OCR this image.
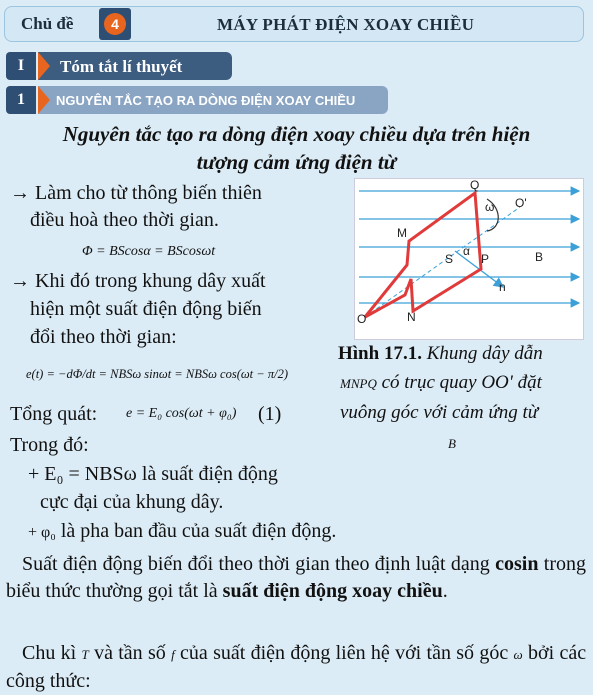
Chủ đề	4	MÁY PHÁT ĐIỆN XOAY CHIỀU
I	Tóm tắt lí thuyết
1	NGUYÊN TẮC TẠO RA DÒNG ĐIỆN XOAY CHIỀU
Nguyên tắc tạo ra dòng điện xoay chiều dựa trên hiện
tượng cảm ứng điện từ
→ Làm cho từ thông biến thiên
điều hoà theo thời gian.
Φ = BScosα = BScosωt
→ Khi đó trong khung dây xuất
hiện một suất điện động biến
đổi theo thời gian:
e(t) = −dΦ/dt = NBSω sinωt = NBSω cos(ωt − π/2)
Tổng quát: e = E₀ cos(ωt + φ₀) (1)
Trong đó:
+ E₀ = NBSω là suất điện động
cực đại của khung dây.
+ φ₀ là pha ban đầu của suất điện động.
Q
ω O'
M
S
α
P	B
n
O	N
Hình 17.1. Khung dây dẫn
MNPQ có trục quay OO' đặt
vuông góc với cảm ứng từ
B
Suất điện động biến đổi theo thời gian theo định luật dạng cosin trong biểu thức thường gọi tắt là suất điện động xoay chiều.
Chu kì T và tần số f của suất điện động liên hệ với tần số góc ω bởi các công thức:
